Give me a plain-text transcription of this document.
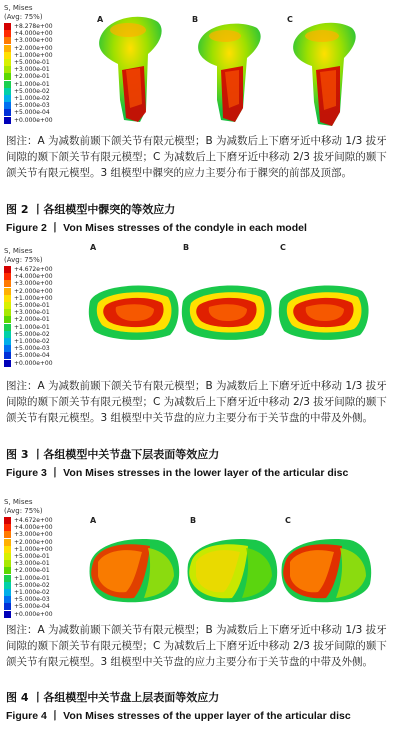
S, Mises
(Avg: 75%)
+8.278e+00
+4.000e+00
+3.000e+00
+2.000e+00
+1.000e+00
+5.000e-01
+3.000e-01
+2.000e-01
+1.000e-01
+5.000e-02
+1.000e-02
+5.000e-03
+5.000e-04
+0.000e+00
A	B	C
图注：A 为减数前颞下颌关节有限元模型；B 为减数后上下磨牙近中移动 1/3 拔牙间隙的颞下颌关节有限元模型；C 为减数后上下磨牙近中移动 2/3 拔牙间隙的颞下颌关节有限元模型。3 组模型中髁突的应力主要分布于髁突的前部及顶部。
图 2 丨各组模型中髁突的等效应力
Figure 2 丨 Von Mises stresses of the condyle in each model
S, Mises
(Avg: 75%)
+4.672e+00
+4.000e+00
+3.000e+00
+2.000e+00
+1.000e+00
+5.000e-01
+3.000e-01
+2.000e-01
+1.000e-01
+5.000e-02
+1.000e-02
+5.000e-03
+5.000e-04
+0.000e+00
A	B	C
图注：A 为减数前颞下颌关节有限元模型；B 为减数后上下磨牙近中移动 1/3 拔牙间隙的颞下颌关节有限元模型；C 为减数后上下磨牙近中移动 2/3 拔牙间隙的颞下颌关节有限元模型。3 组模型中关节盘的应力主要分布于关节盘的中带及外侧。
图 3 丨各组模型中关节盘下层表面等效应力
Figure 3 丨 Von Mises stresses in the lower layer of the articular disc
S, Mises
(Avg: 75%)
+4.672e+00
+4.000e+00
+3.000e+00
+2.000e+00
+1.000e+00
+5.000e-01
+3.000e-01
+2.000e-01
+1.000e-01
+5.000e-02
+1.000e-02
+5.000e-03
+5.000e-04
+0.000e+00
A	B	C
图注：A 为减数前颞下颌关节有限元模型；B 为减数后上下磨牙近中移动 1/3 拔牙间隙的颞下颌关节有限元模型；C 为减数后上下磨牙近中移动 2/3 拔牙间隙的颞下颌关节有限元模型。3 组模型中关节盘的应力主要分布于关节盘的中带及外侧。
图 4 丨各组模型中关节盘上层表面等效应力
Figure 4 丨 Von Mises stresses of the upper layer of the articular disc
